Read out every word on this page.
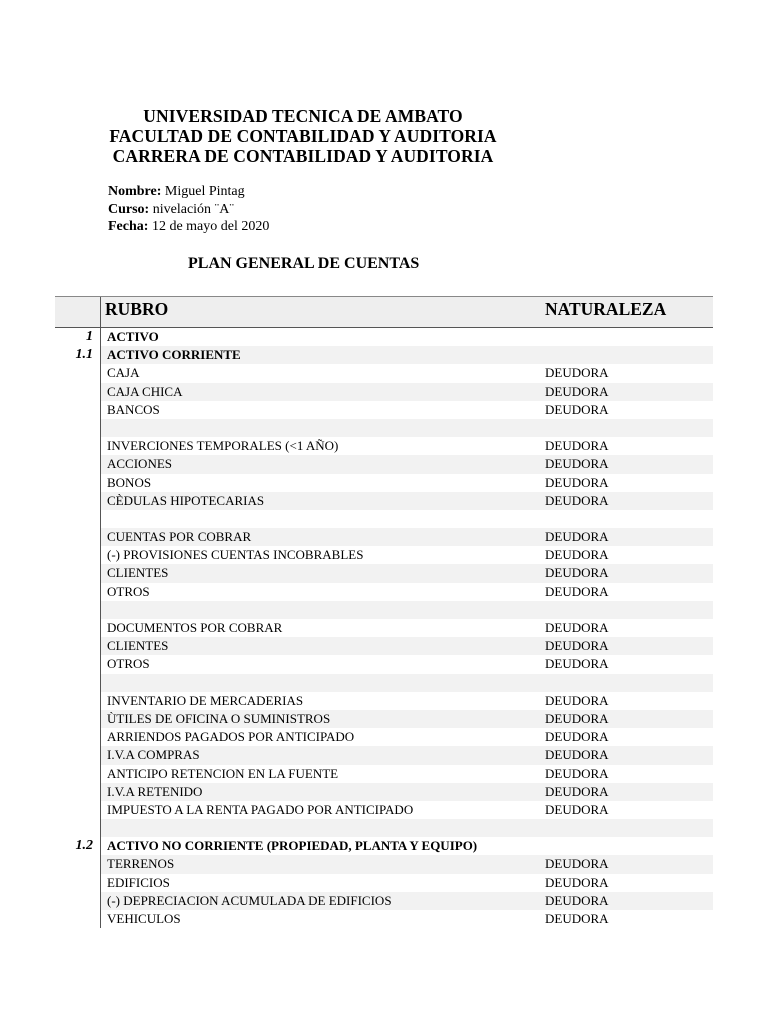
UNIVERSIDAD TECNICA DE AMBATO
FACULTAD DE CONTABILIDAD Y AUDITORIA
CARRERA DE CONTABILIDAD Y AUDITORIA
Nombre: Miguel Pintag
Curso: nivelación ¨A¨
Fecha: 12 de mayo del 2020
PLAN GENERAL DE CUENTAS
RUBRO	NATURALEZA
1 ACTIVO
1.1 ACTIVO CORRIENTE
CAJA	DEUDORA
CAJA CHICA	DEUDORA
BANCOS	DEUDORA
INVERCIONES TEMPORALES (<1 AÑO)	DEUDORA
ACCIONES	DEUDORA
BONOS	DEUDORA
CÈDULAS HIPOTECARIAS	DEUDORA
CUENTAS POR COBRAR	DEUDORA
(-) PROVISIONES CUENTAS INCOBRABLES	DEUDORA
CLIENTES	DEUDORA
OTROS	DEUDORA
DOCUMENTOS POR COBRAR	DEUDORA
CLIENTES	DEUDORA
OTROS	DEUDORA
INVENTARIO DE MERCADERIAS	DEUDORA
ÙTILES DE OFICINA O SUMINISTROS	DEUDORA
ARRIENDOS PAGADOS POR ANTICIPADO	DEUDORA
I.V.A COMPRAS	DEUDORA
ANTICIPO RETENCION EN LA FUENTE	DEUDORA
I.V.A RETENIDO	DEUDORA
IMPUESTO A LA RENTA PAGADO POR ANTICIPADO	DEUDORA
1.2 ACTIVO NO CORRIENTE (PROPIEDAD, PLANTA Y EQUIPO)
TERRENOS	DEUDORA
EDIFICIOS	DEUDORA
(-) DEPRECIACION ACUMULADA DE EDIFICIOS	DEUDORA
VEHICULOS	DEUDORA
